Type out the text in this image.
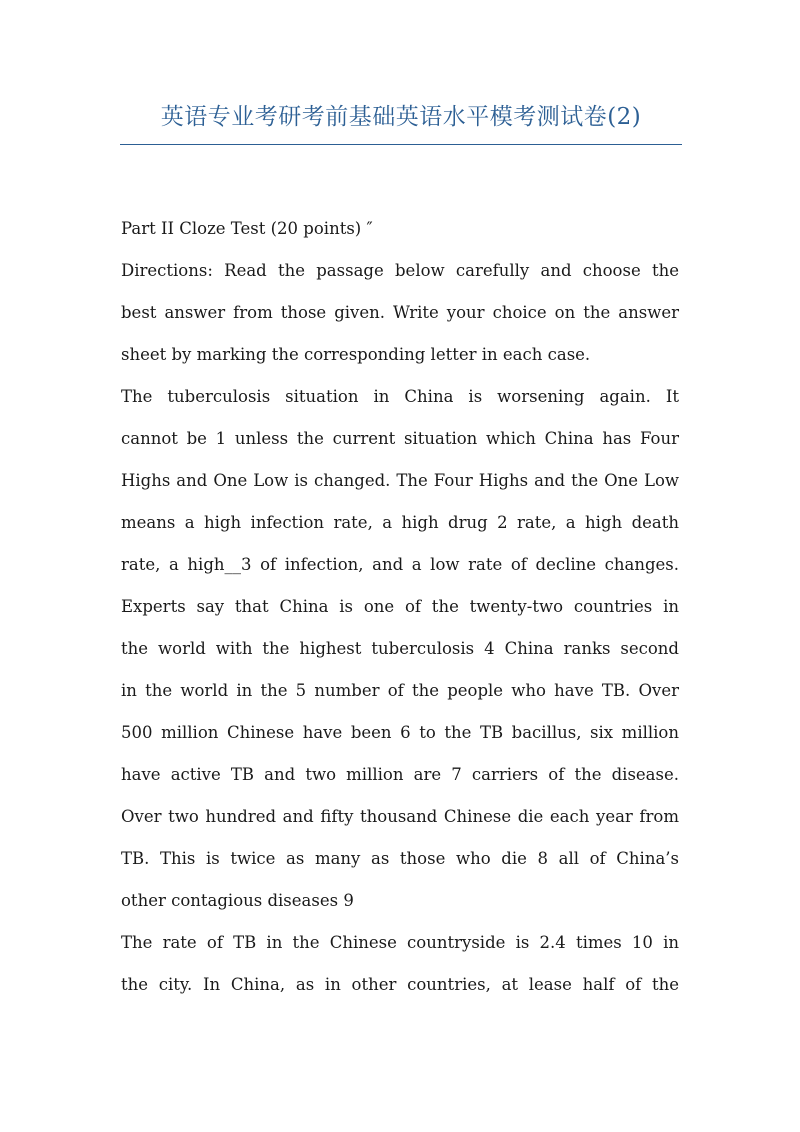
英语专业考研考前基础英语水平模考测试卷(2)
Part II Cloze Test (20 points) ″
Directions: Read the passage below carefully and choose the
best answer from those given. Write your choice on the answer
sheet by marking the corresponding letter in each case.
The tuberculosis situation in China is worsening again. It
cannot be 1 unless the current situation which China has Four
Highs and One Low is changed. The Four Highs and the One Low
means a high infection rate, a high drug 2 rate, a high death
rate, a high__3 of infection, and a low rate of decline changes.
Experts say that China is one of the twenty-two countries in
the world with the highest tuberculosis 4 China ranks second
in the world in the 5 number of the people who have TB. Over
500 million Chinese have been 6 to the TB bacillus, six million
have active TB and two million are 7 carriers of the disease.
Over two hundred and fifty thousand Chinese die each year from
TB. This is twice as many as those who die 8 all of China’s
other contagious diseases 9
The rate of TB in the Chinese countryside is 2.4 times 10 in
the city. In China, as in other countries, at lease half of the
